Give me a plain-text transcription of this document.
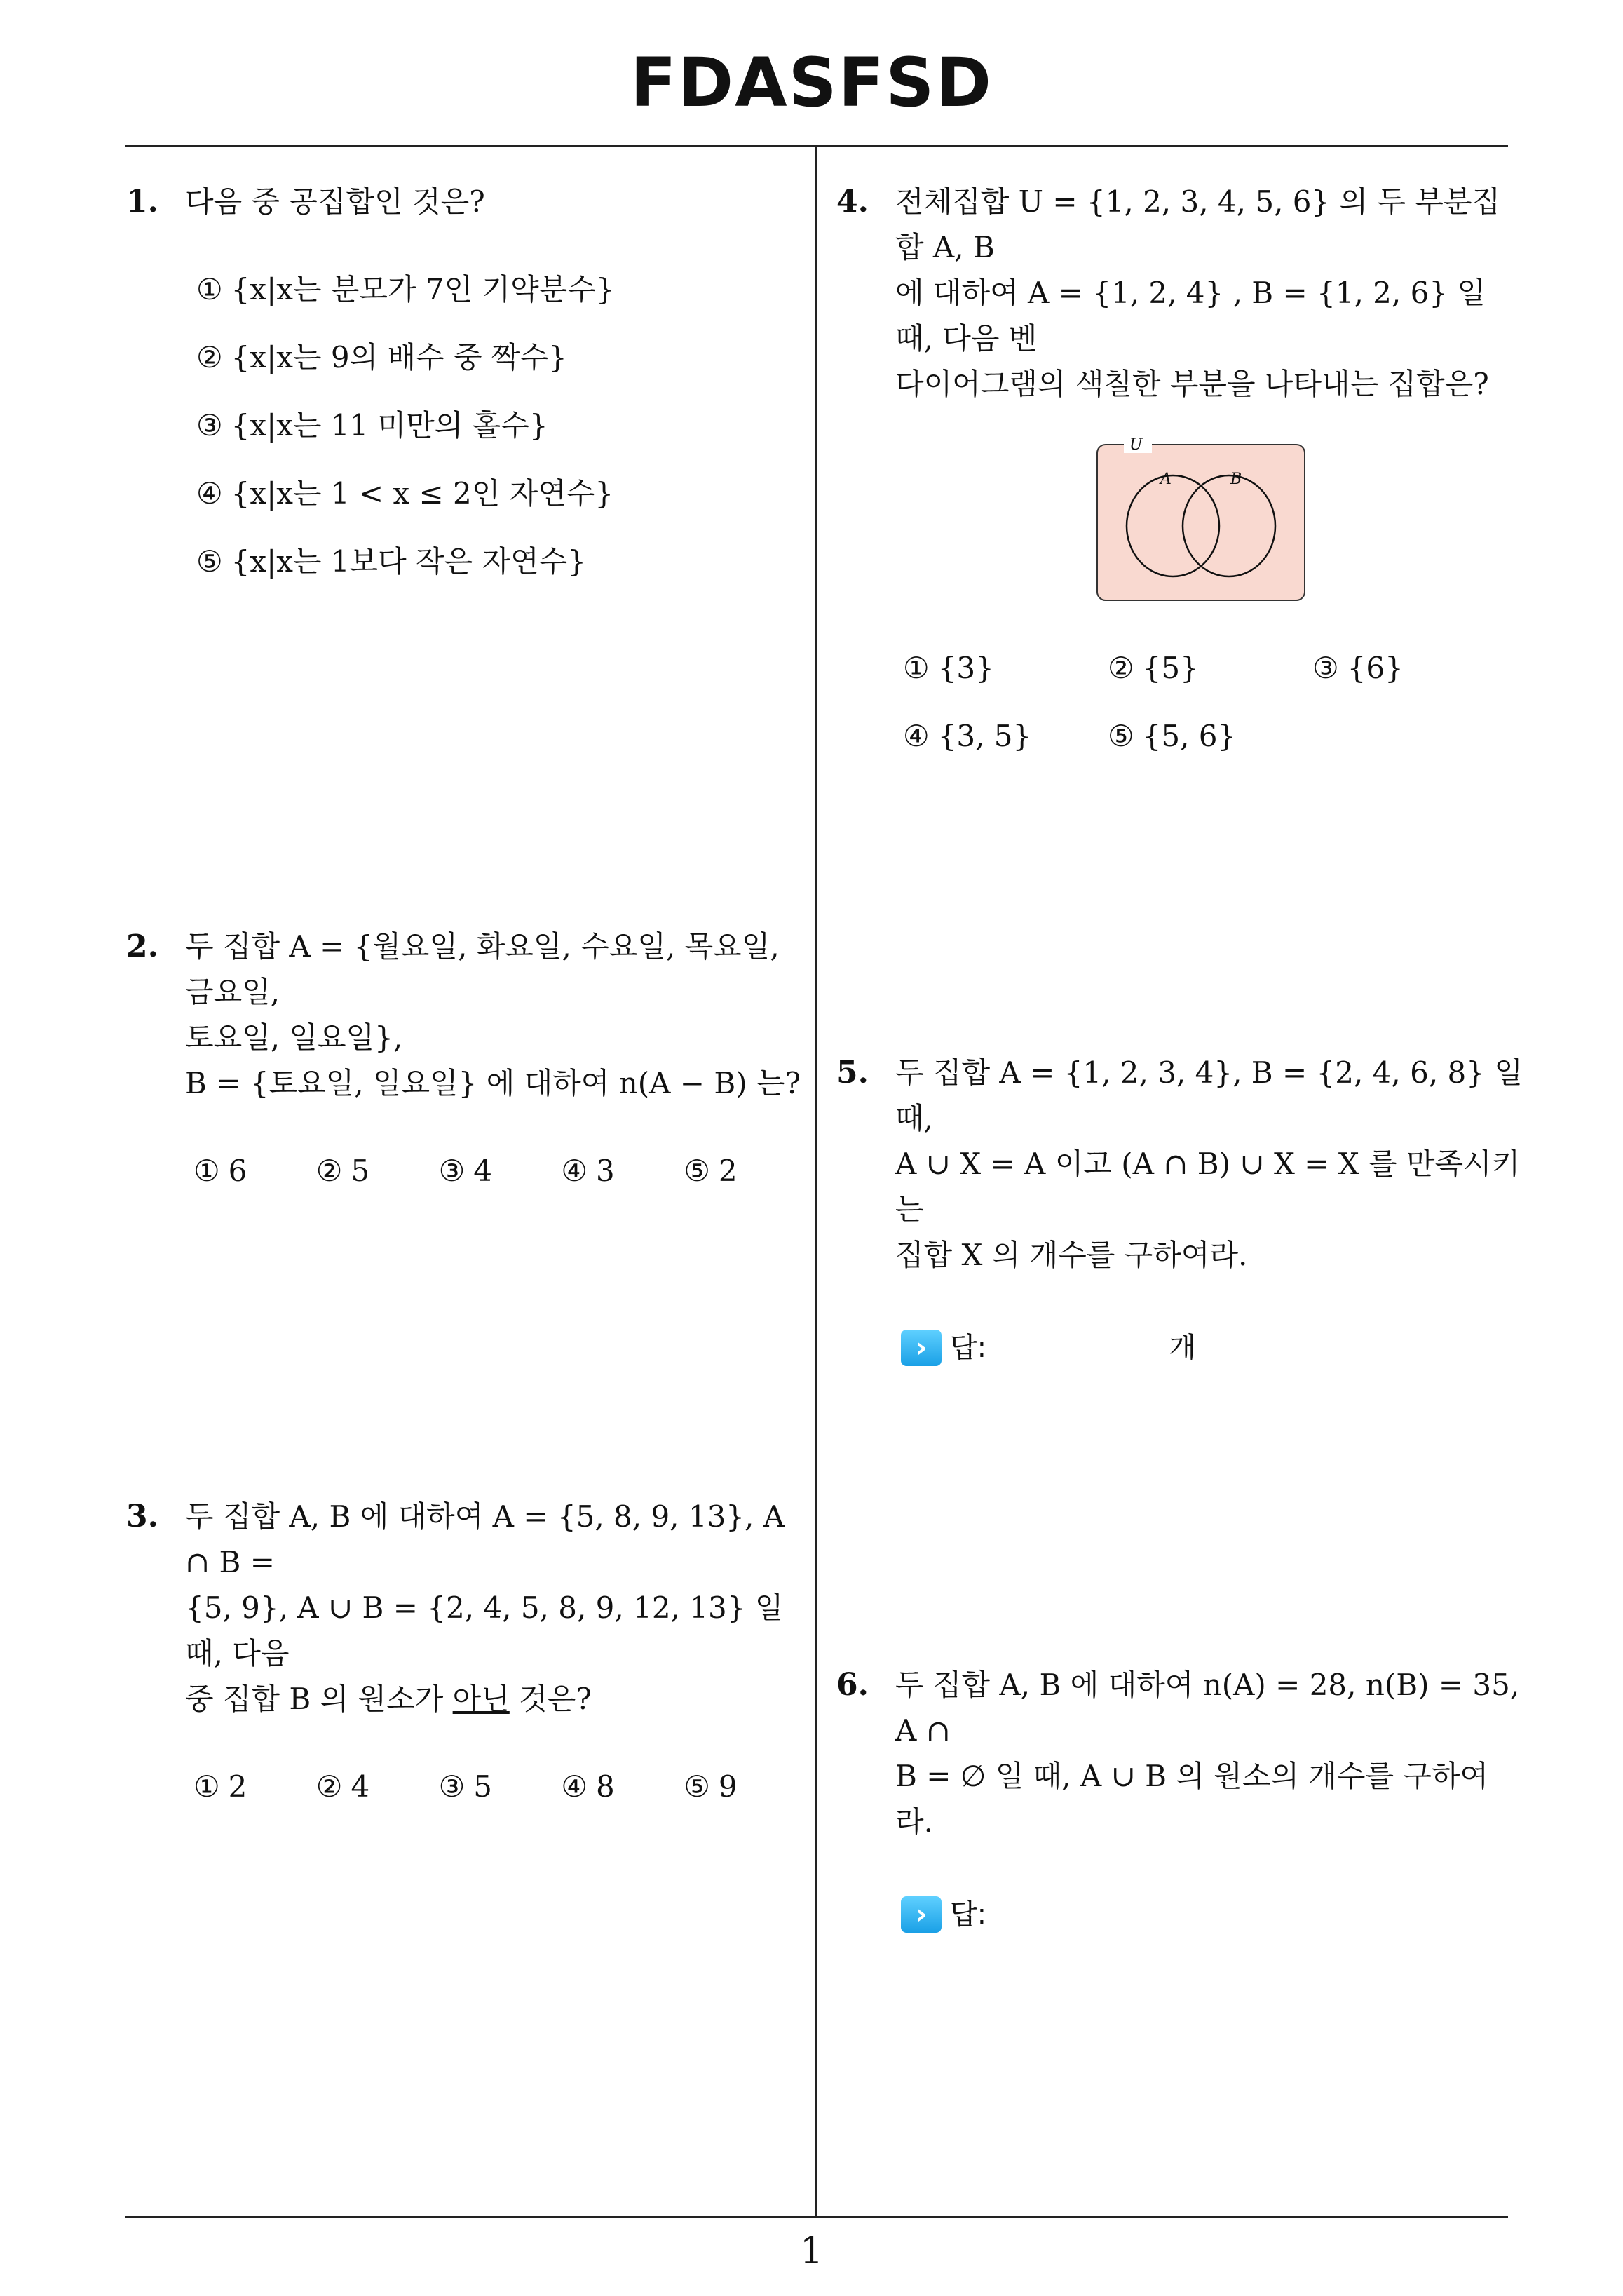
FDASFSD
1
1. 다음 중 공집합인 것은?
① {x|x는 분모가 7인 기약분수}
② {x|x는 9의 배수 중 짝수}
③ {x|x는 11 미만의 홀수}
④ {x|x는 1 < x ≤ 2인 자연수}
⑤ {x|x는 1보다 작은 자연수}
2. 두 집합 A = {월요일, 화요일, 수요일, 목요일, 금요일,

토요일, 일요일},

B = {토요일, 일요일} 에 대하여 n(A − B) 는?

① 6	② 5	③ 4	④ 3	⑤ 2
3. 두 집합 A, B 에 대하여 A = {5, 8, 9, 13}, A ∩ B =

{5, 9}, A ∪ B = {2, 4, 5, 8, 9, 12, 13} 일 때, 다음

중 집합 B 의 원소가 아닌 것은?

① 2	② 4	③ 5	④ 8	⑤ 9
4. 전체집합 U = {1, 2, 3, 4, 5, 6} 의 두 부분집합 A, B

에 대하여 A = {1, 2, 4} , B = {1, 2, 6} 일 때, 다음 벤

다이어그램의 색칠한 부분을 나타내는 집합은?

U
A	B
① {3}	② {5}	③ {6}
④ {3, 5}	⑤ {5, 6}
5. 두 집합 A = {1, 2, 3, 4}, B = {2, 4, 6, 8} 일 때,

A ∪ X = A 이고 (A ∩ B) ∪ X = X 를 만족시키는

집합 X 의 개수를 구하여라.

› 답:	개
6. 두 집합 A, B 에 대하여 n(A) = 28, n(B) = 35, A ∩

B = ∅ 일 때, A ∪ B 의 원소의 개수를 구하여라.

› 답:
